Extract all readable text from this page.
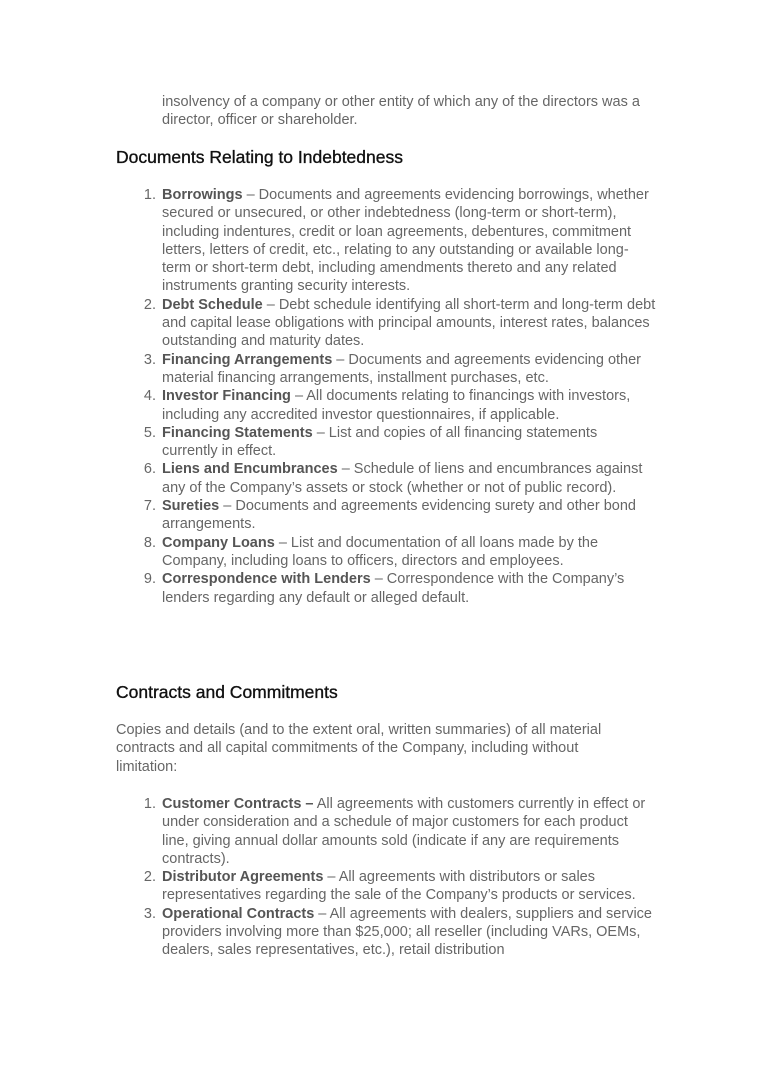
insolvency of a company or other entity of which any of the directors was a director, officer or shareholder.

Documents Relating to Indebtedness
1. Borrowings – Documents and agreements evidencing borrowings, whether secured or unsecured, or other indebtedness (long-term or short-term), including indentures, credit or loan agreements, debentures, commitment letters, letters of credit, etc., relating to any outstanding or available long-term or short-term debt, including amendments thereto and any related instruments granting security interests.
2. Debt Schedule – Debt schedule identifying all short-term and long-term debt and capital lease obligations with principal amounts, interest rates, balances outstanding and maturity dates.
3. Financing Arrangements – Documents and agreements evidencing other material financing arrangements, installment purchases, etc.
4. Investor Financing – All documents relating to financings with investors, including any accredited investor questionnaires, if applicable.
5. Financing Statements – List and copies of all financing statements currently in effect.
6. Liens and Encumbrances – Schedule of liens and encumbrances against any of the Company’s assets or stock (whether or not of public record).
7. Sureties – Documents and agreements evidencing surety and other bond arrangements.
8. Company Loans – List and documentation of all loans made by the Company, including loans to officers, directors and employees.
9. Correspondence with Lenders – Correspondence with the Company’s lenders regarding any default or alleged default.
Contracts and Commitments

Copies and details (and to the extent oral, written summaries) of all material contracts and all capital commitments of the Company, including without limitation:

1. Customer Contracts – All agreements with customers currently in effect or under consideration and a schedule of major customers for each product line, giving annual dollar amounts sold (indicate if any are requirements contracts).
2. Distributor Agreements – All agreements with distributors or sales representatives regarding the sale of the Company’s products or services.
3. Operational Contracts – All agreements with dealers, suppliers and service providers involving more than $25,000; all reseller (including VARs, OEMs, dealers, sales representatives, etc.), retail distribution
